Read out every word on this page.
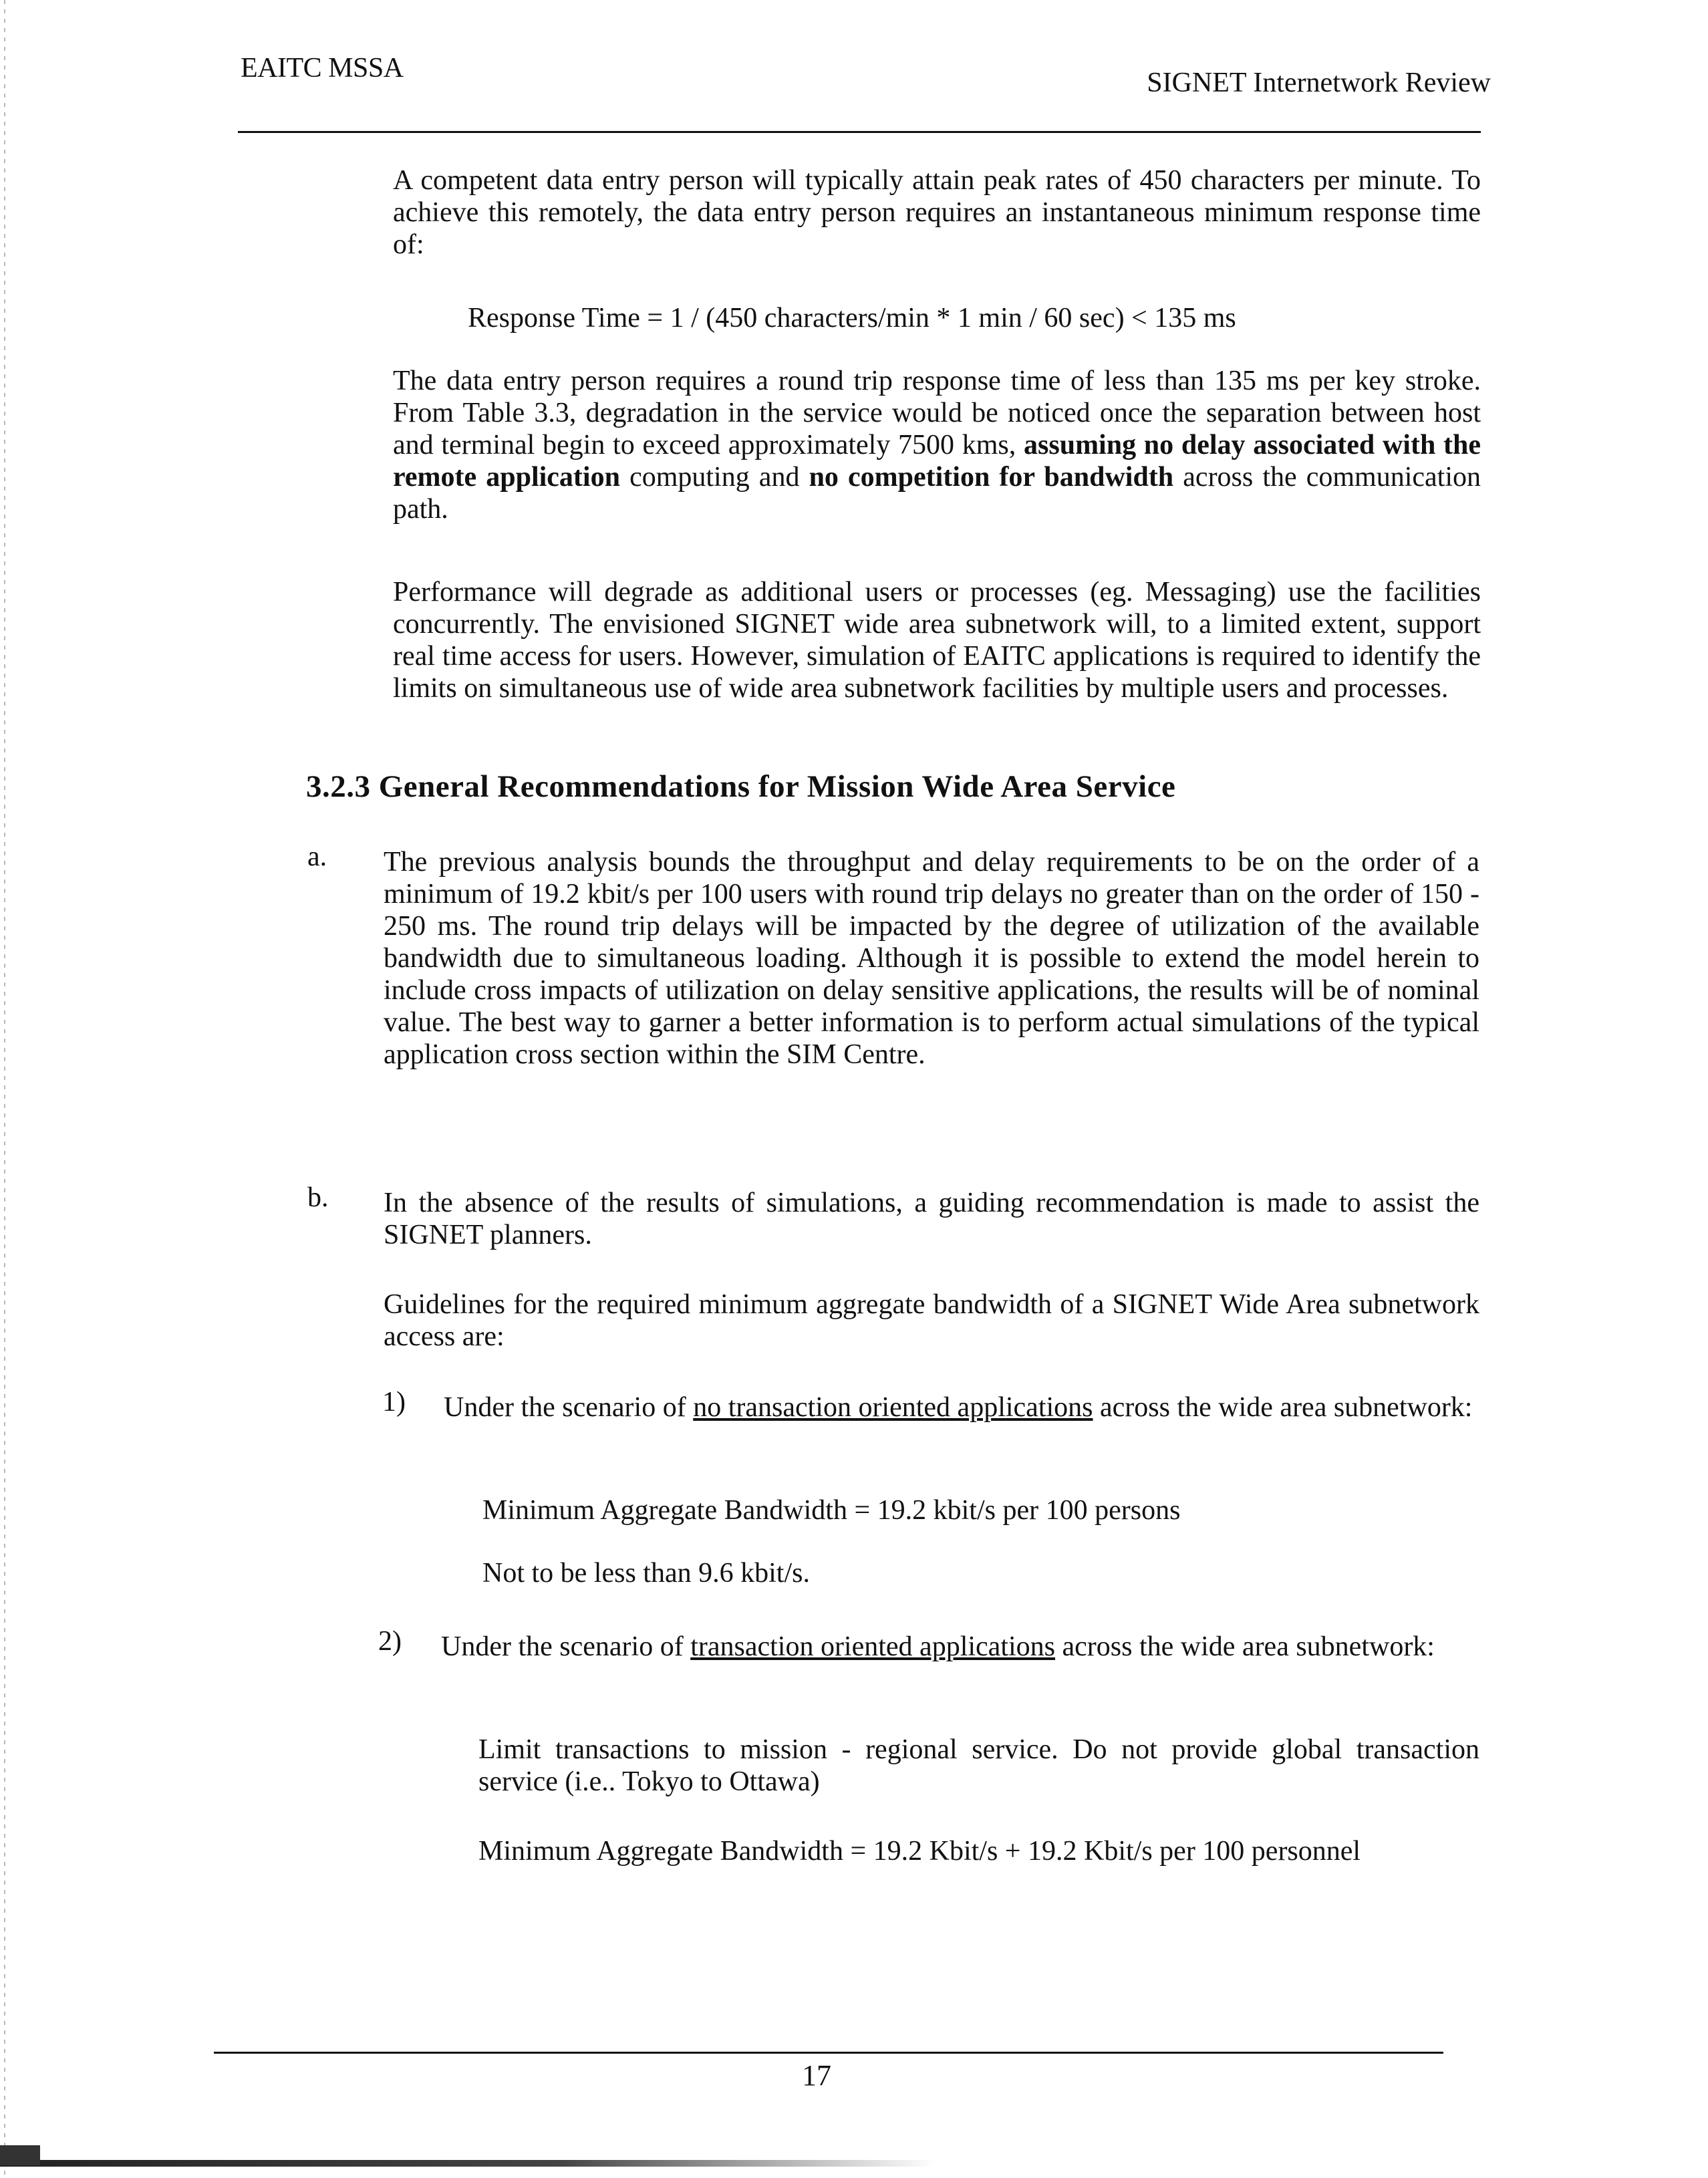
EAITC MSSA	SIGNET Internetwork Review

A competent data entry person will typically attain peak rates of 450 characters per minute. To achieve this remotely, the data entry person requires an instantaneous minimum response time of:

Response Time = 1 / (450 characters/min * 1 min / 60 sec) < 135 ms

The data entry person requires a round trip response time of less than 135 ms per key stroke. From Table 3.3, degradation in the service would be noticed once the separation between host and terminal begin to exceed approximately 7500 kms, assuming no delay associated with the remote application computing and no competition for bandwidth across the communication path.

Performance will degrade as additional users or processes (eg. Messaging) use the facilities concurrently. The envisioned SIGNET wide area subnetwork will, to a limited extent, support real time access for users. However, simulation of EAITC applications is required to identify the limits on simultaneous use of wide area subnetwork facilities by multiple users and processes.

3.2.3 General Recommendations for Mission Wide Area Service
a. The previous analysis bounds the throughput and delay requirements to be on the order of a minimum of 19.2 kbit/s per 100 users with round trip delays no greater than on the order of 150 - 250 ms. The round trip delays will be impacted by the degree of utilization of the available bandwidth due to simultaneous loading. Although it is possible to extend the model herein to include cross impacts of utilization on delay sensitive applications, the results will be of nominal value. The best way to garner a better information is to perform actual simulations of the typical application cross section within the SIM Centre.

b. In the absence of the results of simulations, a guiding recommendation is made to assist the SIGNET planners.

Guidelines for the required minimum aggregate bandwidth of a SIGNET Wide Area subnetwork access are:

1) Under the scenario of no transaction oriented applications across the wide area subnetwork:

Minimum Aggregate Bandwidth = 19.2 kbit/s per 100 persons
Not to be less than 9.6 kbit/s.
2) Under the scenario of transaction oriented applications across the wide area subnetwork:

Limit transactions to mission - regional service. Do not provide global transaction service (i.e.. Tokyo to Ottawa)

Minimum Aggregate Bandwidth = 19.2 Kbit/s + 19.2 Kbit/s per 100 personnel

17
